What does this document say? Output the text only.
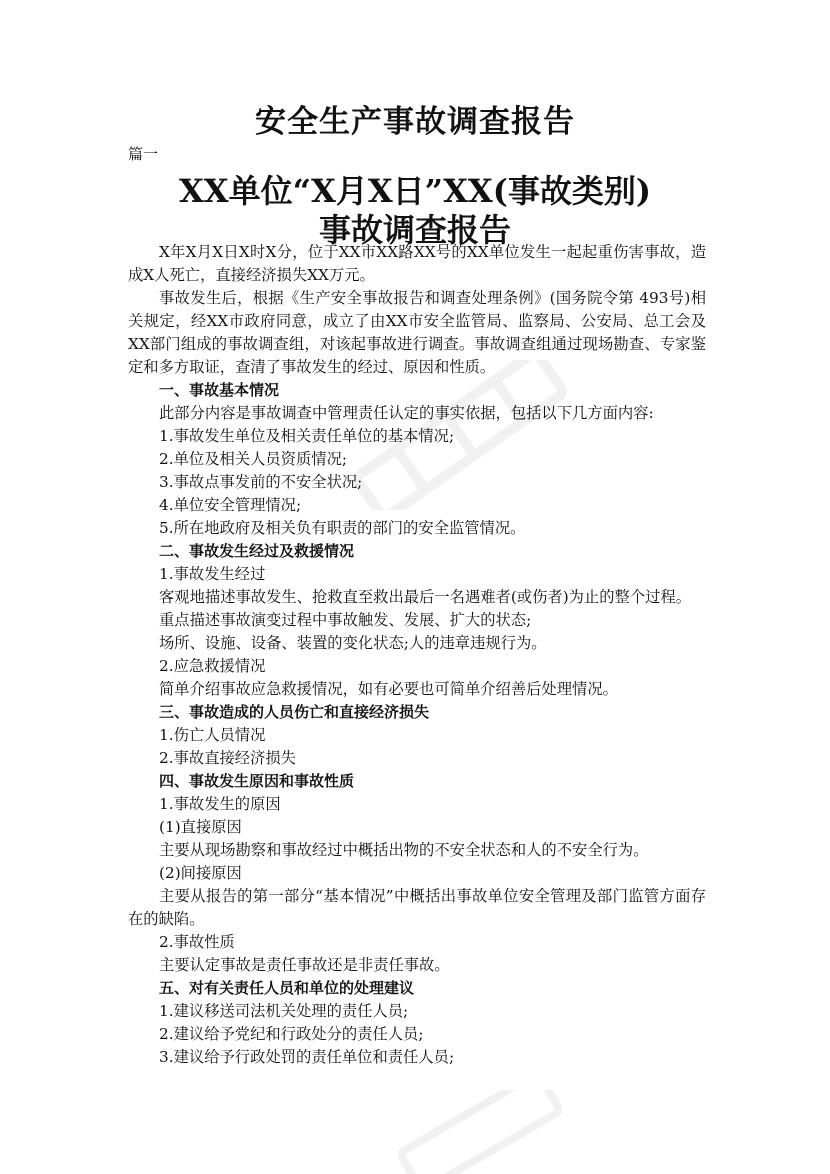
安全生产事故调查报告
篇一
XX单位“X月X日”XX(事故类别)
事故调查报告

X年X月X日X时X分，位于XX市XX路XX号的XX单位发生一起起重伤害事故，造成X人死亡，直接经济损失XX万元。

事故发生后，根据《生产安全事故报告和调查处理条例》(国务院令第 493号)相关规定，经XX市政府同意，成立了由XX市安全监管局、监察局、公安局、总工会及XX部门组成的事故调查组，对该起事故进行调查。事故调查组通过现场勘查、专家鉴定和多方取证，查清了事故发生的经过、原因和性质。

一、事故基本情况

此部分内容是事故调查中管理责任认定的事实依据，包括以下几方面内容:

1.事故发生单位及相关责任单位的基本情况;

2.单位及相关人员资质情况;

3.事故点事发前的不安全状况;

4.单位安全管理情况;

5.所在地政府及相关负有职责的部门的安全监管情况。

二、事故发生经过及救援情况

1.事故发生经过

客观地描述事故发生、抢救直至救出最后一名遇难者(或伤者)为止的整个过程。

重点描述事故演变过程中事故触发、发展、扩大的状态;

场所、设施、设备、装置的变化状态;人的违章违规行为。

2.应急救援情况

简单介绍事故应急救援情况，如有必要也可简单介绍善后处理情况。

三、事故造成的人员伤亡和直接经济损失

1.伤亡人员情况

2.事故直接经济损失

四、事故发生原因和事故性质

1.事故发生的原因

(1)直接原因

主要从现场勘察和事故经过中概括出物的不安全状态和人的不安全行为。

(2)间接原因

主要从报告的第一部分“基本情况”中概括出事故单位安全管理及部门监管方面存在的缺陷。

2.事故性质

主要认定事故是责任事故还是非责任事故。

五、对有关责任人员和单位的处理建议

1.建议移送司法机关处理的责任人员;

2.建议给予党纪和行政处分的责任人员;

3.建议给予行政处罚的责任单位和责任人员;
